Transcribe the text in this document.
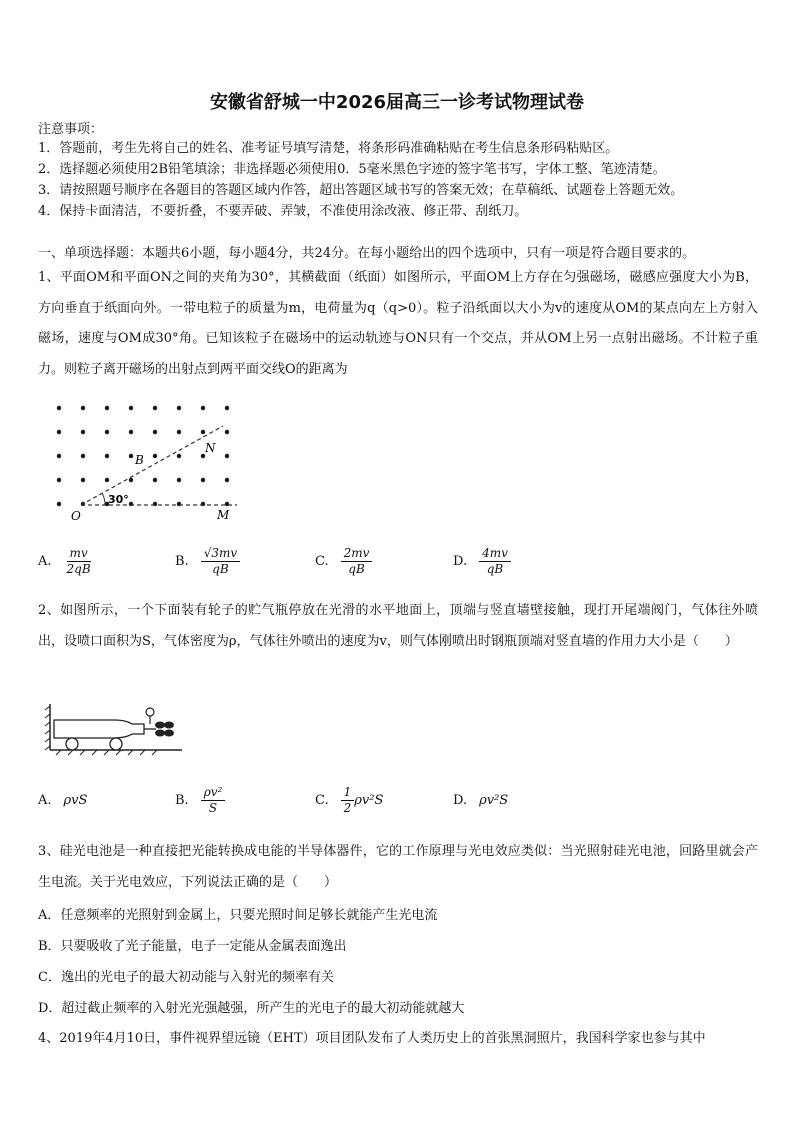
安徽省舒城一中2026届高三一诊考试物理试卷
注意事项：
1．答题前，考生先将自己的姓名、准考证号填写清楚，将条形码准确粘贴在考生信息条形码粘贴区。
2．选择题必须使用2B铅笔填涂；非选择题必须使用0．5毫米黑色字迹的签字笔书写，字体工整、笔迹清楚。
3．请按照题号顺序在各题目的答题区域内作答，超出答题区域书写的答案无效；在草稿纸、试题卷上答题无效。
4．保持卡面清洁，不要折叠，不要弄破、弄皱，不准使用涂改液、修正带、刮纸刀。
一、单项选择题：本题共6小题，每小题4分，共24分。在每小题给出的四个选项中，只有一项是符合题目要求的。
1、平面OM和平面ON之间的夹角为30°，其横截面（纸面）如图所示，平面OM上方存在匀强磁场，磁感应强度大小为B，方向垂直于纸面向外。一带电粒子的质量为m，电荷量为q（q>0）。粒子沿纸面以大小为v的速度从OM的某点向左上方射入磁场，速度与OM成30°角。已知该粒子在磁场中的运动轨迹与ON只有一个交点，并从OM上另一点射出磁场。不计粒子重力。则粒子离开磁场的出射点到两平面交线O的距离为
B
N
O	M
30°
A. $\frac{mv}{2qB}$	B. $\frac{√3mv}{qB}$	C. $\frac{2mv}{qB}$	D. $\frac{4mv}{qB}$
2、如图所示，一个下面装有轮子的贮气瓶停放在光滑的水平地面上，顶端与竖直墙壁接触，现打开尾端阀门，气体往外喷出，设喷口面积为S，气体密度为ρ，气体往外喷出的速度为v，则气体刚喷出时钢瓶顶端对竖直墙的作用力大小是（　　）
A. ρvS	B. $\frac{\text{ρv²}}{S}$	C. $\frac{1}{2} \rho v^2S$	D. ρv²S
3、硅光电池是一种直接把光能转换成电能的半导体器件，它的工作原理与光电效应类似：当光照射硅光电池，回路里就会产生电流。关于光电效应，下列说法正确的是（　　）
A．任意频率的光照射到金属上，只要光照时间足够长就能产生光电流
B．只要吸收了光子能量，电子一定能从金属表面逸出
C．逸出的光电子的最大初动能与入射光的频率有关
D．超过截止频率的入射光光强越强，所产生的光电子的最大初动能就越大
4、2019年4月10日，事件视界望远镜（EHT）项目团队发布了人类历史上的首张黑洞照片，我国科学家也参与其中
